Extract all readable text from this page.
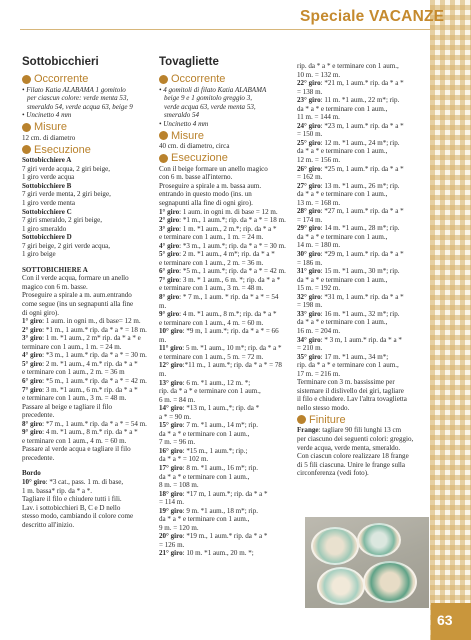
Speciale VACANZE
Sottobicchieri
Occorrente

• Filato Katia ALABAMA 1 gomitolo

per ciascun colore: verde menta 53,

smeraldo 54, verde acqua 63, beige 9

• Uncinetto 4 mm

Misure

12 cm. di diametro

Esecuzione

Sottobicchiere A

7 giri verde acqua, 2 giri beige,

1 giro verde acqua

Sottobicchiere B

7 giri verde menta, 2 giri beige,

1 giro verde menta

Sottobicchiere C

7 giri smeraldo, 2 giri beige,

1 giro smeraldo

Sottobicchiere D

7 giri beige, 2 giri verde acqua,

1 giro beige

SOTTOBICHIERE A

Con il verde acqua, formare un anello

magico con 6 m. basse.

Proseguire a spirale a m. aum.entrando

come segue (ins un segnapunti alla fine

di ogni giro).

1° giro: 1 aum. in ogni m., di base= 12 m.

2° giro: *1 m., 1 aum.* rip. da * a * = 18 m.

3° giro: 1 m. *1 aum., 2 m* rip. da * a * e

terminare con 1 aum., 1 m. = 24 m.

4° giro: *3 m., 1 aum.* rip. da * a * = 30 m.

5° giro: 2 m. *1 aum., 4 m.* rip. da * a *

e terminare con 1 aum., 2 m. = 36 m

6° giro: *5 m., 1 aum.* rip. da * a * = 42 m.

7° giro: 3 m. *1 aum., 6 m.* rip. da * a *

e terminare con 1 aum., 3 m. = 48 m.

Passare al beige e tagliare il filo

precedente.

8° giro: *7 m., 1 aum.* rip. da * a * = 54 m.

9° giro: 4 m. *1 aum., 8 m.* rip. da * a *

e terminare con 1 aum., 4 m. = 60 m.

Passare al verde acqua e tagliare il filo

precedente.

Bordo

10° giro: *3 cat., pass. 1 m. di base,

1 m. bassa* rip. da * a *.

Tagliare il filo e chiudere tutti i fili.

Lav. i sottobicchieri B, C e D nello

stesso modo, cambiando il colore come

descritto all'inizio.

Tovagliette
Occorrente

• 4 gomitoli di filato Katia ALABAMA

beige 9 e 1 gomitolo greggio 3,

verde acqua 63, verde menta 53,

smeraldo 54

• Uncinetto 4 mm

Misure

40 cm. di diametro, circa

Esecuzione

Con il beige formare un anello magico

con 6 m. basse all'interno.

Proseguire a spirale a m. bassa aum.

entrando in questo modo (ins. un

segnapunti alla fine di ogni giro).

1° giro: 1 aum. in ogni m. di base = 12 m.

2° giro: *1 m., 1 aum.*; rip. da * a * = 18 m.

3° giro: 1 m. *1 aum., 2 m.*; rip. da * a *

e terminare con 1 aum., 1 m. = 24 m.

4° giro: *3 m., 1 aum.*; rip. da * a * = 30 m.

5° giro: 2 m. *1 aum., 4 m*; rip. da * a *

e terminare con 1 aum., 2 m. = 36 m.

6° giro: *5 m., 1 aum.*; rip. da * a * = 42 m.

7° giro: 3 m. * 1 aum., 6 m. *; rip. da * a *

e terminare con 1 aum., 3 m. = 48 m.

8° giro: * 7 m., 1 aum. * rip. da * a * = 54 m.

9° giro: 4 m. *1 aum., 8 m.*; rip. da * a *

e terminare con 1 aum., 4 m. = 60 m.

10° giro: *9 m, 1 aum.*; rip. da * a * = 66 m.

11° giro: 5 m. *1 aum., 10 m*; rip. da * a *

e terminare con 1 aum., 5 m. = 72 m.

12° giro:*11 m., 1 aum.*; rip. da * a * = 78 m.

13° giro: 6 m. *1 aum., 12 m. *;

rip. da * a * e terminare con 1 aum.,

6 m. = 84 m.

14° giro: *13 m, 1 aum.,*; rip. da *

a * = 90 m.

15° giro: 7 m. *1 aum., 14 m*; rip.

da * a * e terminare con 1 aum.,

7 m. = 96 m.

16° giro: *15 m., 1 aum.*; rip.;

da * a * = 102 m.

17° giro: 8 m. *1 aum., 16 m*; rip.

da * a * e terminare con 1 aum.,

8 m. = 108 m.

18° giro: *17 m, 1 aum.*; rip. da * a *

= 114 m.

19° giro: 9 m. *1 aum., 18 m*; rip.

da * a * e terminare con 1 aum.,

9 m. = 120 m.

20° giro: *19 m., 1 aum.* rip. da * a *

= 126 m.

21° giro: 10 m. *1 aum., 20 m. *;

rip. da * a * e terminare con 1 aum.,

10 m. = 132 m.

22° giro: *21 m, 1 aum.* rip. da * a *

= 138 m.

23° giro: 11 m. *1 aum., 22 m*; rip.

da * a * e terminare con 1 aum.,

11 m. = 144 m.

24° giro: *23 m, 1 aum.* rip. da * a *

= 150 m.

25° giro: 12 m. *1 aum., 24 m*; rip.

da * a * e terminare con 1 aum.,

12 m. = 156 m.

26° giro: *25 m, 1 aum.* rip. da * a *

= 162 m.

27° giro: 13 m. *1 aum., 26 m*; rip.

da * a * e terminare con 1 aum.,

13 m. = 168 m.

28° giro: *27 m, 1 aum.* rip. da * a *

= 174 m.

29° giro: 14 m. *1 aum., 28 m*; rip.

da * a * e terminare con 1 aum.,

14 m. = 180 m.

30° giro: *29 m, 1 aum.* rip. da * a *

= 186 m.

31° giro: 15 m. *1 aum., 30 m*; rip.

da * a * e terminare con 1 aum.,

15 m. = 192 m.

32° giro: *31 m, 1 aum.* rip. da * a *

= 198 m.

33° giro: 16 m. *1 aum., 32 m*; rip.

da * a * e terminare con 1 aum.,

16 m. = 204 m.

34° giro: * 3 m, 1 aum.* rip. da * a *

= 210 m.

35° giro: 17 m. *1 aum., 34 m*;

rip. da * a * e terminare con 1 aum.,

17 m. = 216 m.

Terminare con 3 m. bassissime per

sistemare il dislivello dei giri, tagliare

il filo e chiudere. Lav l'altra tovaglietta

nello stesso modo.

Finiture

Frange: tagliare 90 fili lunghi 13 cm

per ciascuno dei seguenti colori: greggio,

verde acqua, verde menta, smeraldo.

Con ciascun colore realizzare 18 frange

di 5 fili ciascuna. Unire le frange sulla

circonferenza (vedi foto).

63
